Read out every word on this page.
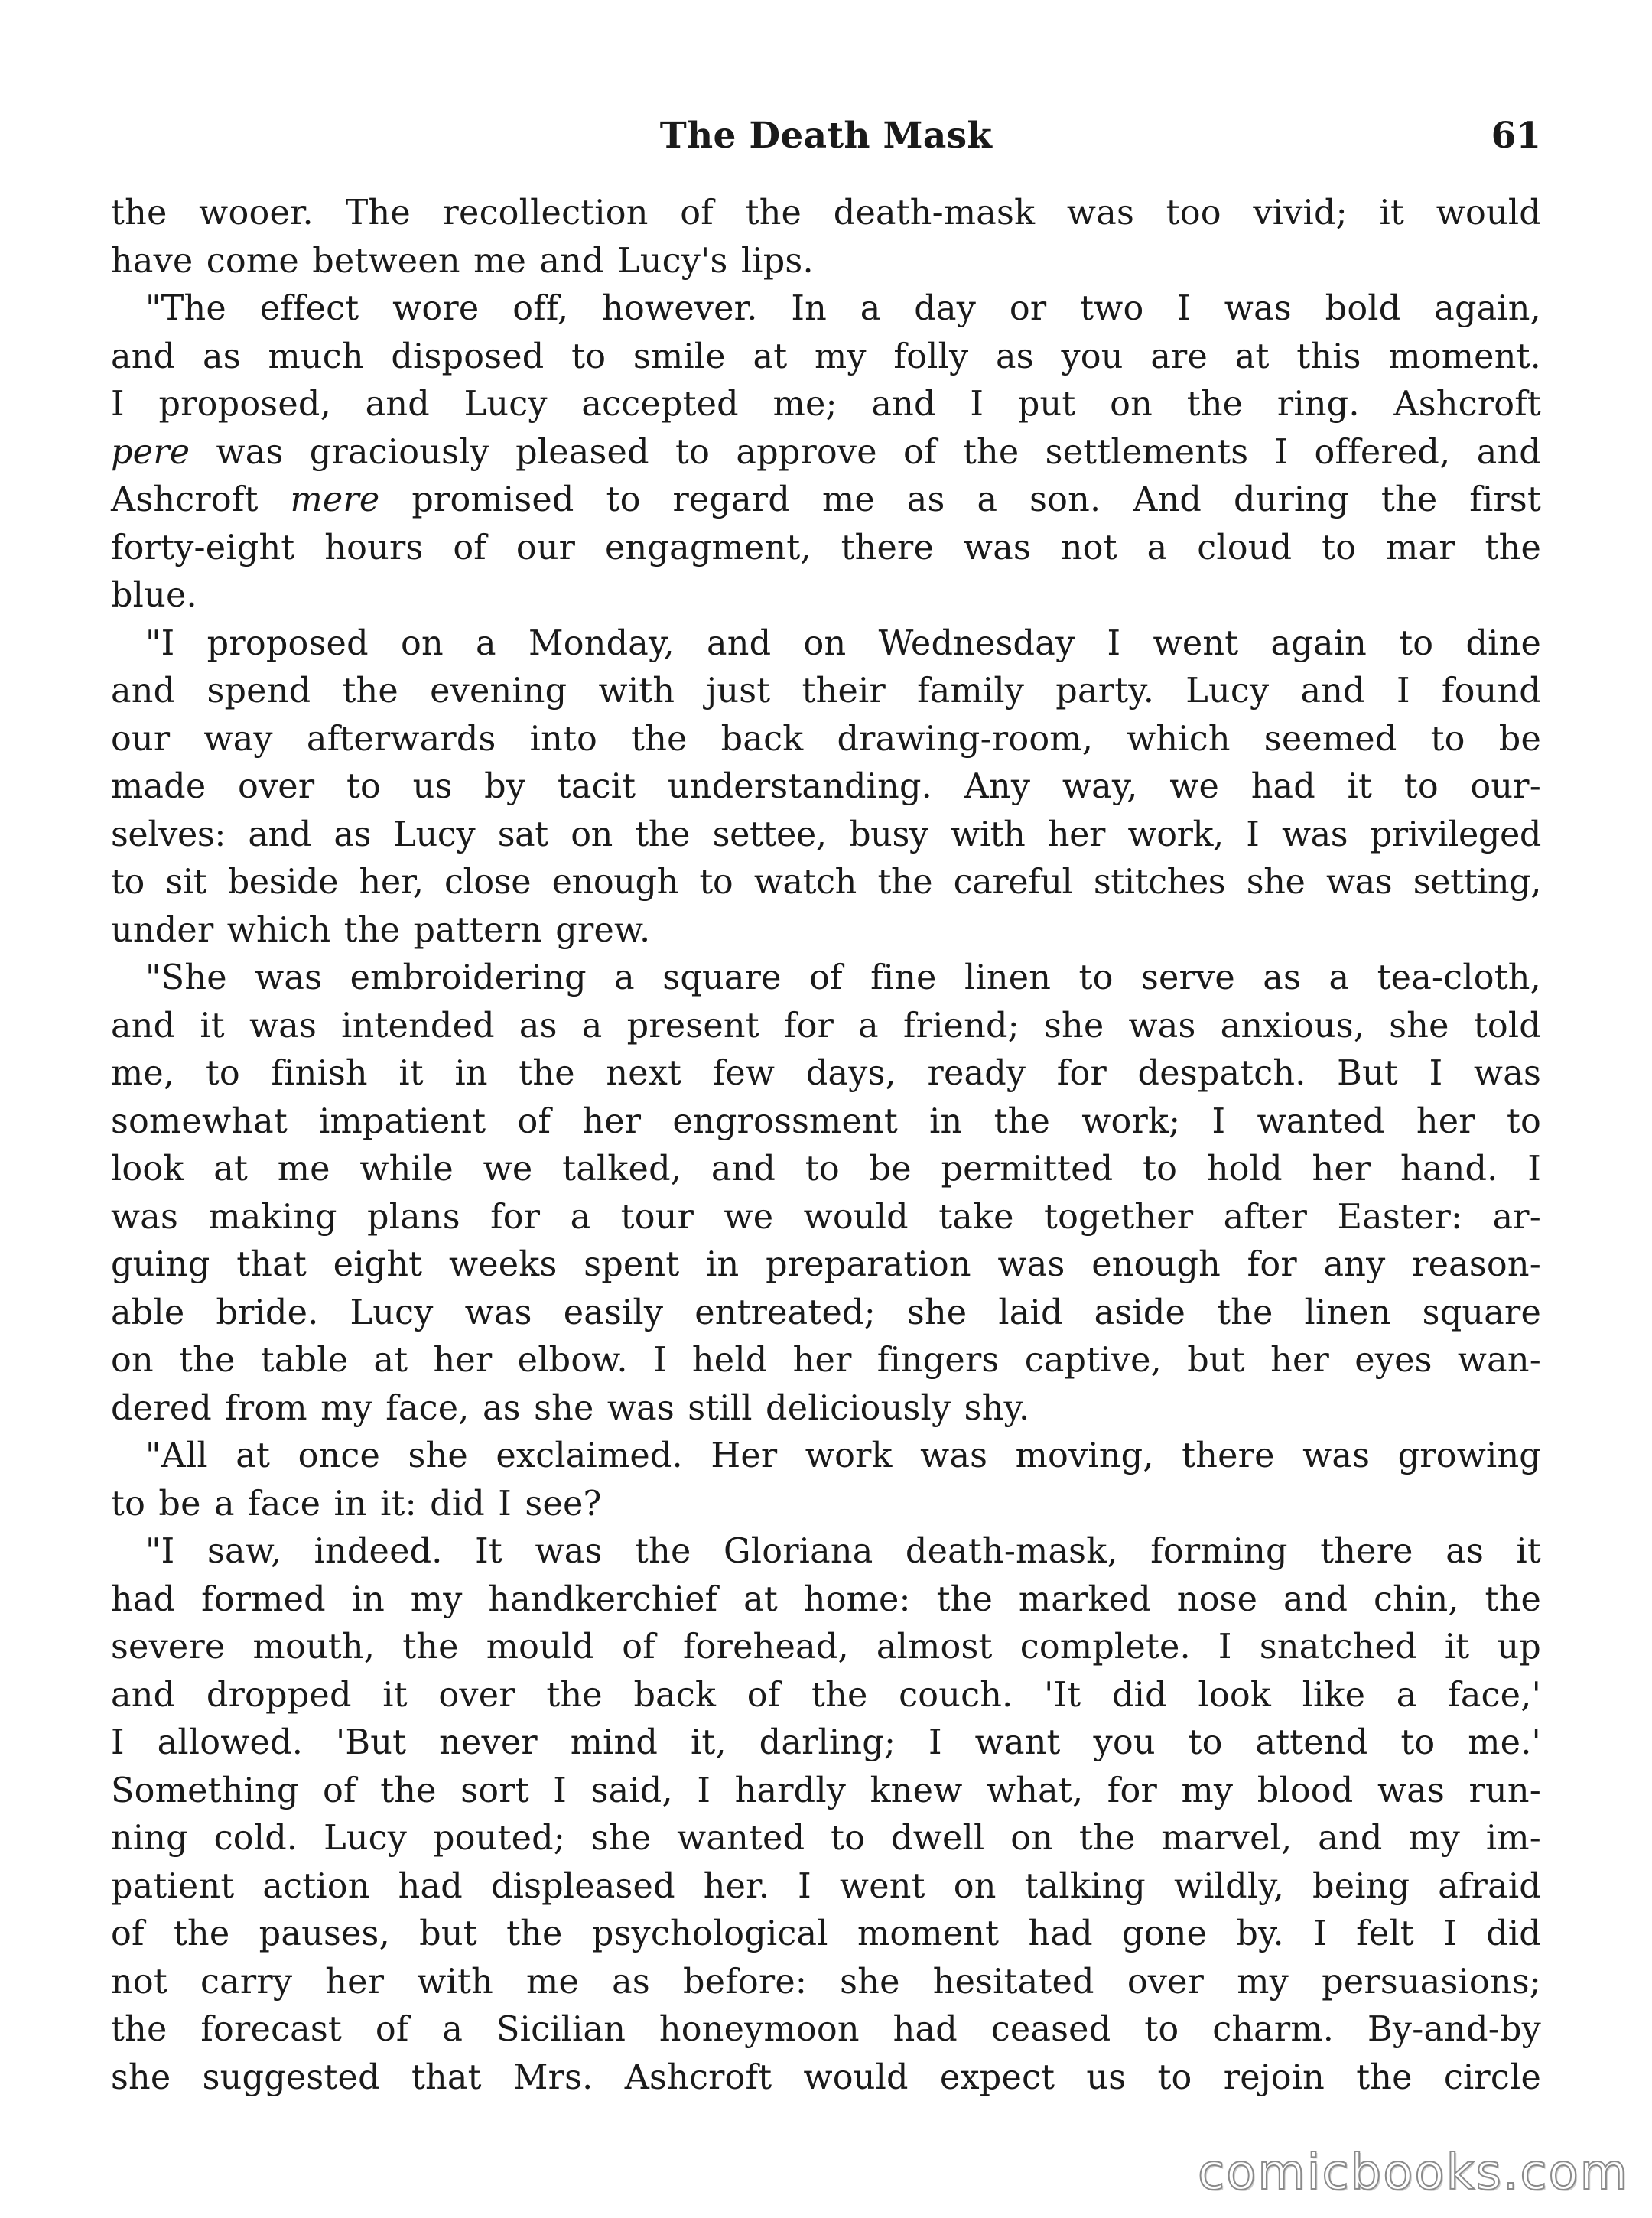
The Death Mask	61
the wooer. The recollection of the death-mask was too vivid; it would
have come between me and Lucy's lips.
"The effect wore off, however. In a day or two I was bold again,
and as much disposed to smile at my folly as you are at this moment.
I proposed, and Lucy accepted me; and I put on the ring. Ashcroft
pere was graciously pleased to approve of the settlements I offered, and
Ashcroft mere promised to regard me as a son. And during the first
forty-eight hours of our engagment, there was not a cloud to mar the
blue.
"I proposed on a Monday, and on Wednesday I went again to dine
and spend the evening with just their family party. Lucy and I found
our way afterwards into the back drawing-room, which seemed to be
made over to us by tacit understanding. Any way, we had it to our-
selves: and as Lucy sat on the settee, busy with her work, I was privileged
to sit beside her, close enough to watch the careful stitches she was setting,
under which the pattern grew.
"She was embroidering a square of fine linen to serve as a tea-cloth,
and it was intended as a present for a friend; she was anxious, she told
me, to finish it in the next few days, ready for despatch. But I was
somewhat impatient of her engrossment in the work; I wanted her to
look at me while we talked, and to be permitted to hold her hand. I
was making plans for a tour we would take together after Easter: ar-
guing that eight weeks spent in preparation was enough for any reason-
able bride. Lucy was easily entreated; she laid aside the linen square
on the table at her elbow. I held her fingers captive, but her eyes wan-
dered from my face, as she was still deliciously shy.
"All at once she exclaimed. Her work was moving, there was growing
to be a face in it: did I see?
"I saw, indeed. It was the Gloriana death-mask, forming there as it
had formed in my handkerchief at home: the marked nose and chin, the
severe mouth, the mould of forehead, almost complete. I snatched it up
and dropped it over the back of the couch. 'It did look like a face,'
I allowed. 'But never mind it, darling; I want you to attend to me.'
Something of the sort I said, I hardly knew what, for my blood was run-
ning cold. Lucy pouted; she wanted to dwell on the marvel, and my im-
patient action had displeased her. I went on talking wildly, being afraid
of the pauses, but the psychological moment had gone by. I felt I did
not carry her with me as before: she hesitated over my persuasions;
the forecast of a Sicilian honeymoon had ceased to charm. By-and-by
she suggested that Mrs. Ashcroft would expect us to rejoin the circle
comicbooks.com
